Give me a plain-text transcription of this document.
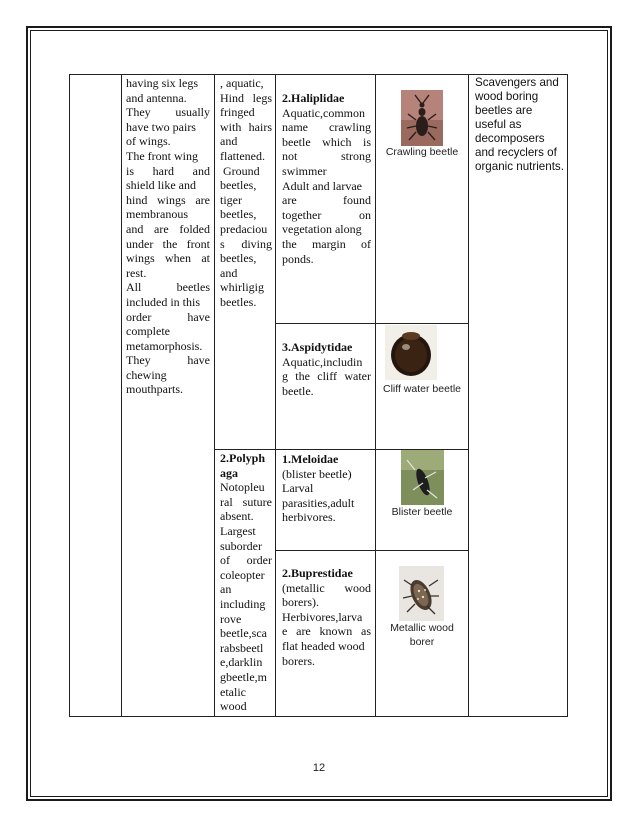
having six legs

and antenna.

They usually

have two pairs

of wings.

The front wing

is hard and

shield like and

hind wings are

membranous

and are folded

under the front

wings when at

rest.

All beetles

included in this

order have

complete

metamorphosis.

They have

chewing

mouthparts.

, aquatic,

Hind legs

fringed

with hairs

and

flattened.

Ground

beetles,

tiger

beetles,

predaciou

s diving

beetles,

and

whirligig

beetles.

2.Polyph

aga

Notopleu

ral suture

absent.

Largest

suborder

of order

coleopter

an

including

rove

beetle,sca

rabsbeetl

e,darklin

gbeetle,m

etalic

wood

2.Haliplidae

Aquatic,common

name crawling

beetle which is

not strong

swimmer

Adult and larvae

are found

together on

vegetation along

the margin of

ponds.

3.Aspidytidae

Aquatic,includin

g the cliff water

beetle.

1.Meloidae

(blister beetle)

Larval

parasities,adult

herbivores.

2.Buprestidae

(metallic wood

borers).

Herbivores,larva

e are known as

flat headed wood

borers.

Crawling beetle
Cliff water beetle
Blister beetle
Metallic wood
borer

Scavengers and

wood boring

beetles are

useful as

decomposers

and recyclers of

organic nutrients.

12
